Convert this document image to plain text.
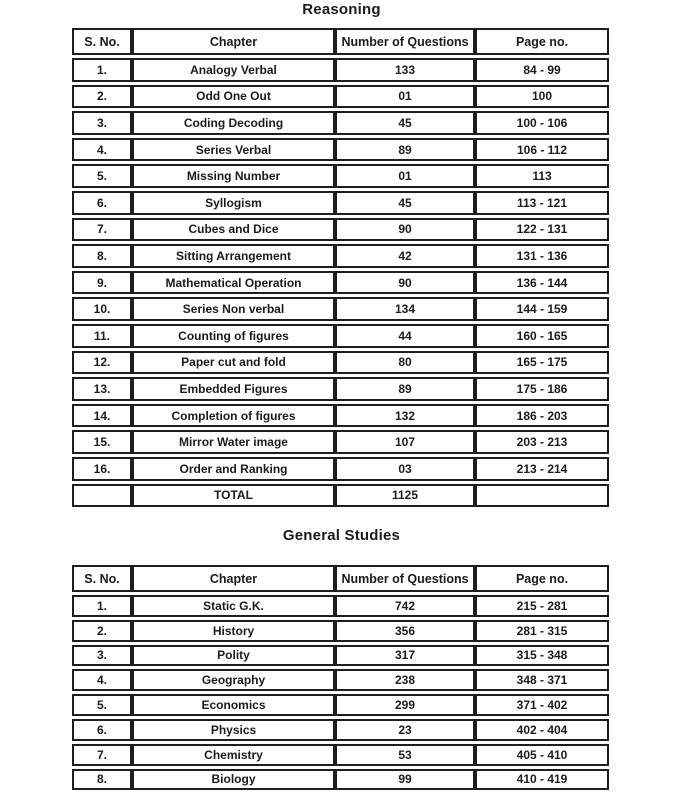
Reasoning
S. No.	Chapter	Number of Questions	Page no.
1.	Analogy Verbal	133	84 - 99
2.	Odd One Out	01	100
3.	Coding Decoding	45	100 - 106
4.	Series Verbal	89	106 - 112
5.	Missing Number	01	113
6.	Syllogism	45	113 - 121
7.	Cubes and Dice	90	122 - 131
8.	Sitting Arrangement	42	131 - 136
9.	Mathematical Operation	90	136 - 144
10.	Series Non verbal	134	144 - 159
11.	Counting of figures	44	160 - 165
12.	Paper cut and fold	80	165 - 175
13.	Embedded Figures	89	175 - 186
14.	Completion of figures	132	186 - 203
15.	Mirror Water image	107	203 - 213
16.	Order and Ranking	03	213 - 214
	TOTAL	1125	
General Studies
S. No.	Chapter	Number of Questions	Page no.
1.	Static G.K.	742	215 - 281
2.	History	356	281 - 315
3.	Polity	317	315 - 348
4.	Geography	238	348 - 371
5.	Economics	299	371 - 402
6.	Physics	23	402 - 404
7.	Chemistry	53	405 - 410
8.	Biology	99	410 - 419
